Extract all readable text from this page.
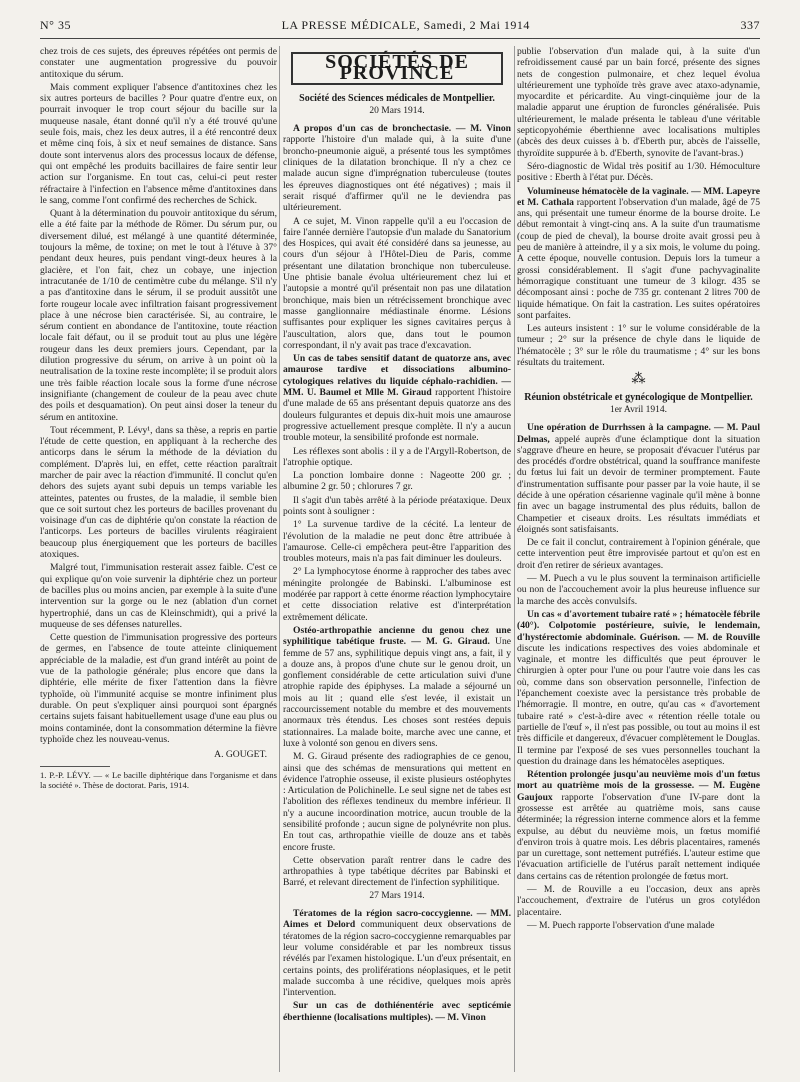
N° 35	LA PRESSE MÉDICALE, Samedi, 2 Mai 1914	337

chez trois de ces sujets, des épreuves répétées ont permis de constater une augmentation progressive du pouvoir antitoxique du sérum.

Mais comment expliquer l'absence d'antitoxines chez les six autres porteurs de bacilles ? Pour quatre d'entre eux, on pourrait invoquer le trop court séjour du bacille sur la muqueuse nasale, étant donné qu'il n'y a été trouvé qu'une seule fois, mais, chez les deux autres, il a été rencontré deux et même cinq fois, à six et neuf semaines de distance. Sans doute sont intervenus alors des processus locaux de défense, qui ont empêché les produits bacillaires de faire sentir leur action sur l'organisme. En tout cas, celui-ci peut rester réfractaire à l'infection en l'absence même d'antitoxines dans le sang, comme l'ont confirmé des recherches de Schick.

Quant à la détermination du pouvoir antitoxique du sérum, elle a été faite par la méthode de Römer. Du sérum pur, ou diversement dilué, est mélangé à une quantité déterminée, toujours la même, de toxine; on met le tout à l'étuve à 37° pendant deux heures, puis pendant vingt-deux heures à la glacière, et l'on fait, chez un cobaye, une injection intracutanée de 1/10 de centimètre cube du mélange. S'il n'y a pas d'antitoxine dans le sérum, il se produit aussitôt une forte rougeur locale avec infiltration faisant progressivement place à une nécrose bien caractérisée. Si, au contraire, le sérum contient en abondance de l'antitoxine, toute réaction locale fait défaut, ou il se produit tout au plus une légère rougeur dans les deux premiers jours. Cependant, par la dilution progressive du sérum, on arrive à un point où la neutralisation de la toxine reste incomplète; il se produit alors une très faible réaction locale sous la forme d'une nécrose insignifiante (changement de couleur de la peau avec chute des poils et desquamation). On peut ainsi doser la teneur du sérum en antitoxine.

Tout récemment, P. Lévy¹, dans sa thèse, a repris en partie l'étude de cette question, en appliquant à la recherche des anticorps dans le sérum la méthode de la déviation du complément. D'après lui, en effet, cette réaction paraîtrait marcher de pair avec la réaction d'immunité. Il conclut qu'en dehors des sujets ayant subi depuis un temps variable les atteintes, patentes ou frustes, de la maladie, il semble bien que ce soit surtout chez les porteurs de bacilles provenant du voisinage d'un cas de diphtérie qu'on constate la réaction de l'anticorps. Les porteurs de bacilles virulents réagiraient beaucoup plus énergiquement que les porteurs de bacilles atoxiques.

Malgré tout, l'immunisation resterait assez faible. C'est ce qui explique qu'on voie survenir la diphtérie chez un porteur de bacilles plus ou moins ancien, par exemple à la suite d'une intervention sur la gorge ou le nez (ablation d'un cornet hypertrophié, dans un cas de Kleinschmidt), qui a privé la muqueuse de ses défenses naturelles.

Cette question de l'immunisation progressive des porteurs de germes, en l'absence de toute atteinte cliniquement appréciable de la maladie, est d'un grand intérêt au point de vue de la pathologie générale; plus encore que dans la diphtérie, elle mérite de fixer l'attention dans la fièvre typhoïde, où l'immunité acquise se montre infiniment plus durable. On peut s'expliquer ainsi pourquoi sont épargnés certains sujets faisant habituellement usage d'une eau plus ou moins contaminée, dont la consommation détermine la fièvre typhoïde chez les nouveau-venus.

A. GOUGET.
1. P.-P. LÉVY. — « Le bacille diphtérique dans l'organisme et dans la société ». Thèse de doctorat. Paris, 1914.
SOCIÉTÉS DE PROVINCE
Société des Sciences médicales de Montpellier.
20 Mars 1914.

A propos d'un cas de bronchectasie. — M. Vinon rapporte l'histoire d'un malade qui, à la suite d'une broncho-pneumonie aiguë, a présenté tous les symptômes cliniques de la dilatation bronchique. Il n'y a chez ce malade aucun signe d'imprégnation tuberculeuse (toutes les épreuves diagnostiques ont été négatives) ; mais il serait risqué d'affirmer qu'il ne le deviendra pas ultérieurement.

A ce sujet, M. Vinon rappelle qu'il a eu l'occasion de faire l'année dernière l'autopsie d'un malade du Sanatorium des Hospices, qui avait été considéré dans sa jeunesse, au cours d'un séjour à l'Hôtel-Dieu de Paris, comme présentant une dilatation bronchique non tuberculeuse. Une phtisie banale évolua ultérieurement chez lui et l'autopsie a montré qu'il présentait non pas une dilatation bronchique, mais bien un rétrécissement bronchique avec masse ganglionnaire médiastinale énorme. Lésions suffisantes pour expliquer les signes cavitaires perçus à l'auscultation, alors que, dans tout le poumon correspondant, il n'y avait pas trace d'excavation.

Un cas de tabes sensitif datant de quatorze ans, avec amaurose tardive et dissociations albumino-cytologiques relatives du liquide céphalo-rachidien. — MM. U. Baumel et Mlle M. Giraud rapportent l'histoire d'une malade de 65 ans présentant depuis quatorze ans des douleurs fulgurantes et depuis dix-huit mois une amaurose progressive actuellement presque complète. Il n'y a aucun trouble moteur, la sensibilité profonde est normale.

Les réflexes sont abolis : il y a de l'Argyll-Robertson, de l'atrophie optique.

La ponction lombaire donne : Nageotte 200 gr. ; albumine 2 gr. 50 ; chlorures 7 gr.

Il s'agit d'un tabès arrêté à la période préataxique. Deux points sont à souligner :

1° La survenue tardive de la cécité. La lenteur de l'évolution de la maladie ne peut donc être attribuée à l'amaurose. Celle-ci empêchera peut-être l'apparition des troubles moteurs, mais n'a pas fait diminuer les douleurs.

2° La lymphocytose énorme à rapprocher des tabes avec méningite prolongée de Babinski. L'albuminose est modérée par rapport à cette énorme réaction lymphocytaire et cette dissociation relative est d'interprétation extrêmement délicate.

Ostéo-arthropathie ancienne du genou chez une syphilitique tabétique fruste. — M. G. Giraud. Une femme de 57 ans, syphilitique depuis vingt ans, a fait, il y a douze ans, à propos d'une chute sur le genou droit, un gonflement considérable de cette articulation suivi d'une atrophie rapide des épiphyses. La malade a séjourné un mois au lit ; quand elle s'est levée, il existait un raccourcissement notable du membre et des mouvements anormaux très étendus. Les choses sont restées depuis stationnaires. La malade boite, marche avec une canne, et luxe à volonté son genou en divers sens.

M. G. Giraud présente des radiographies de ce genou, ainsi que des schémas de mensurations qui mettent en évidence l'atrophie osseuse, il existe plusieurs ostéophytes : Articulation de Polichinelle. Le seul signe net de tabes est l'abolition des réflexes tendineux du membre inférieur. Il n'y a aucune incoordination motrice, aucun trouble de la sensibilité profonde ; aucun signe de polynévrite non plus. En tout cas, arthropathie vieille de douze ans et tabès encore fruste.

Cette observation paraît rentrer dans le cadre des arthropathies à type tabétique décrites par Babinski et Barré, et relevant directement de l'infection syphilitique.

27 Mars 1914.

Tératomes de la région sacro-coccygienne. — MM. Aimes et Delord communiquent deux observations de tératomes de la région sacro-coccygienne remarquables par leur volume considérable et par les nombreux tissus révélés par l'examen histologique. L'un d'eux présentait, en certains points, des proliférations néoplasiques, et le petit malade succomba à une récidive, quelques mois après l'intervention.

Sur un cas de dothiénentérie avec septicémie éberthienne (localisations multiples). — M. Vinon

publie l'observation d'un malade qui, à la suite d'un refroidissement causé par un bain forcé, présente des signes nets de congestion pulmonaire, et chez lequel évolua ultérieurement une typhoïde très grave avec ataxo-adynamie, myocardite et péricardite. Au vingt-cinquième jour de la maladie apparut une éruption de furoncles généralisée. Puis ultérieurement, le malade présenta le tableau d'une véritable septicopyohémie éberthienne avec localisations multiples (abcès des deux cuisses à b. d'Eberth pur, abcès de l'aisselle, thyroïdite suppurée à b. d'Eberth, synovite de l'avant-bras.)

Séro-diagnostic de Widal très positif au 1/30. Hémoculture positive : Eberth à l'état pur. Décès.

Volumineuse hématocèle de la vaginale. — MM. Lapeyre et M. Cathala rapportent l'observation d'un malade, âgé de 75 ans, qui présentait une tumeur énorme de la bourse droite. Le début remontait à vingt-cinq ans. A la suite d'un traumatisme (coup de pied de cheval), la bourse droite avait grossi peu à peu de manière à atteindre, il y a six mois, le volume du poing. A cette époque, nouvelle contusion. Depuis lors la tumeur a grossi considérablement. Il s'agit d'une pachyvaginalite hémorragique constituant une tumeur de 3 kilogr. 435 se décomposant ainsi : poche de 735 gr. contenant 2 litres 700 de liquide hématique. On fait la castration. Les suites opératoires sont parfaites.

Les auteurs insistent : 1° sur le volume considérable de la tumeur ; 2° sur la présence de chyle dans le liquide de l'hématocèle ; 3° sur le rôle du traumatisme ; 4° sur les bons résultats du traitement.

⁂
Réunion obstétricale et gynécologique de Montpellier.
1er Avril 1914.

Une opération de Durrhssen à la campagne. — M. Paul Delmas, appelé auprès d'une éclamptique dont la situation s'aggrave d'heure en heure, se proposait d'évacuer l'utérus par des procédés d'ordre obstétrical, quand la souffrance manifeste du fœtus lui fait un devoir de terminer promptement. Faute d'instrumentation suffisante pour passer par la voie haute, il se décide à une opération césarienne vaginale qu'il mène à bonne fin avec un bagage instrumental des plus réduits, ballon de Champetier et ciseaux droits. Les résultats immédiats et éloignés sont satisfaisants.

De ce fait il conclut, contrairement à l'opinion générale, que cette intervention peut être improvisée partout et qu'on est en droit d'en retirer de sérieux avantages.

— M. Puech a vu le plus souvent la terminaison artificielle ou non de l'accouchement avoir la plus heureuse influence sur la marche des accès convulsifs.

Un cas « d'avortement tubaire raté » ; hématocèle fébrile (40°). Colpotomie postérieure, suivie, le lendemain, d'hystérectomie abdominale. Guérison. — M. de Rouville discute les indications respectives des voies abdominale et vaginale, et montre les difficultés que peut éprouver le chirurgien à opter pour l'une ou pour l'autre voie dans les cas où, comme dans son observation personnelle, l'infection de l'épanchement coexiste avec la persistance très probable de l'hémorragie. Il montre, en outre, qu'au cas « d'avortement tubaire raté » c'est-à-dire avec « rétention réelle totale ou partielle de l'œuf », il n'est pas possible, ou tout au moins il est très difficile et dangereux, d'évacuer complètement le Douglas. Il termine par l'exposé de ses vues personnelles touchant la question du drainage dans les hématocèles aseptiques.

Rétention prolongée jusqu'au neuvième mois d'un fœtus mort au quatrième mois de la grossesse. — M. Eugène Gaujoux rapporte l'observation d'une IV-pare dont la grossesse est arrêtée au quatrième mois, sans cause déterminée; la régression interne commence alors et la femme expulse, au début du neuvième mois, un fœtus momifié d'environ trois à quatre mois. Les débris placentaires, ramenés par un curettage, sont nettement putréfiés. L'auteur estime que l'évacuation artificielle de l'utérus paraît nettement indiquée dans certains cas de rétention prolongée de fœtus mort.

— M. de Rouville a eu l'occasion, deux ans après l'accouchement, d'extraire de l'utérus un gros cotylédon placentaire.

— M. Puech rapporte l'observation d'une malade
